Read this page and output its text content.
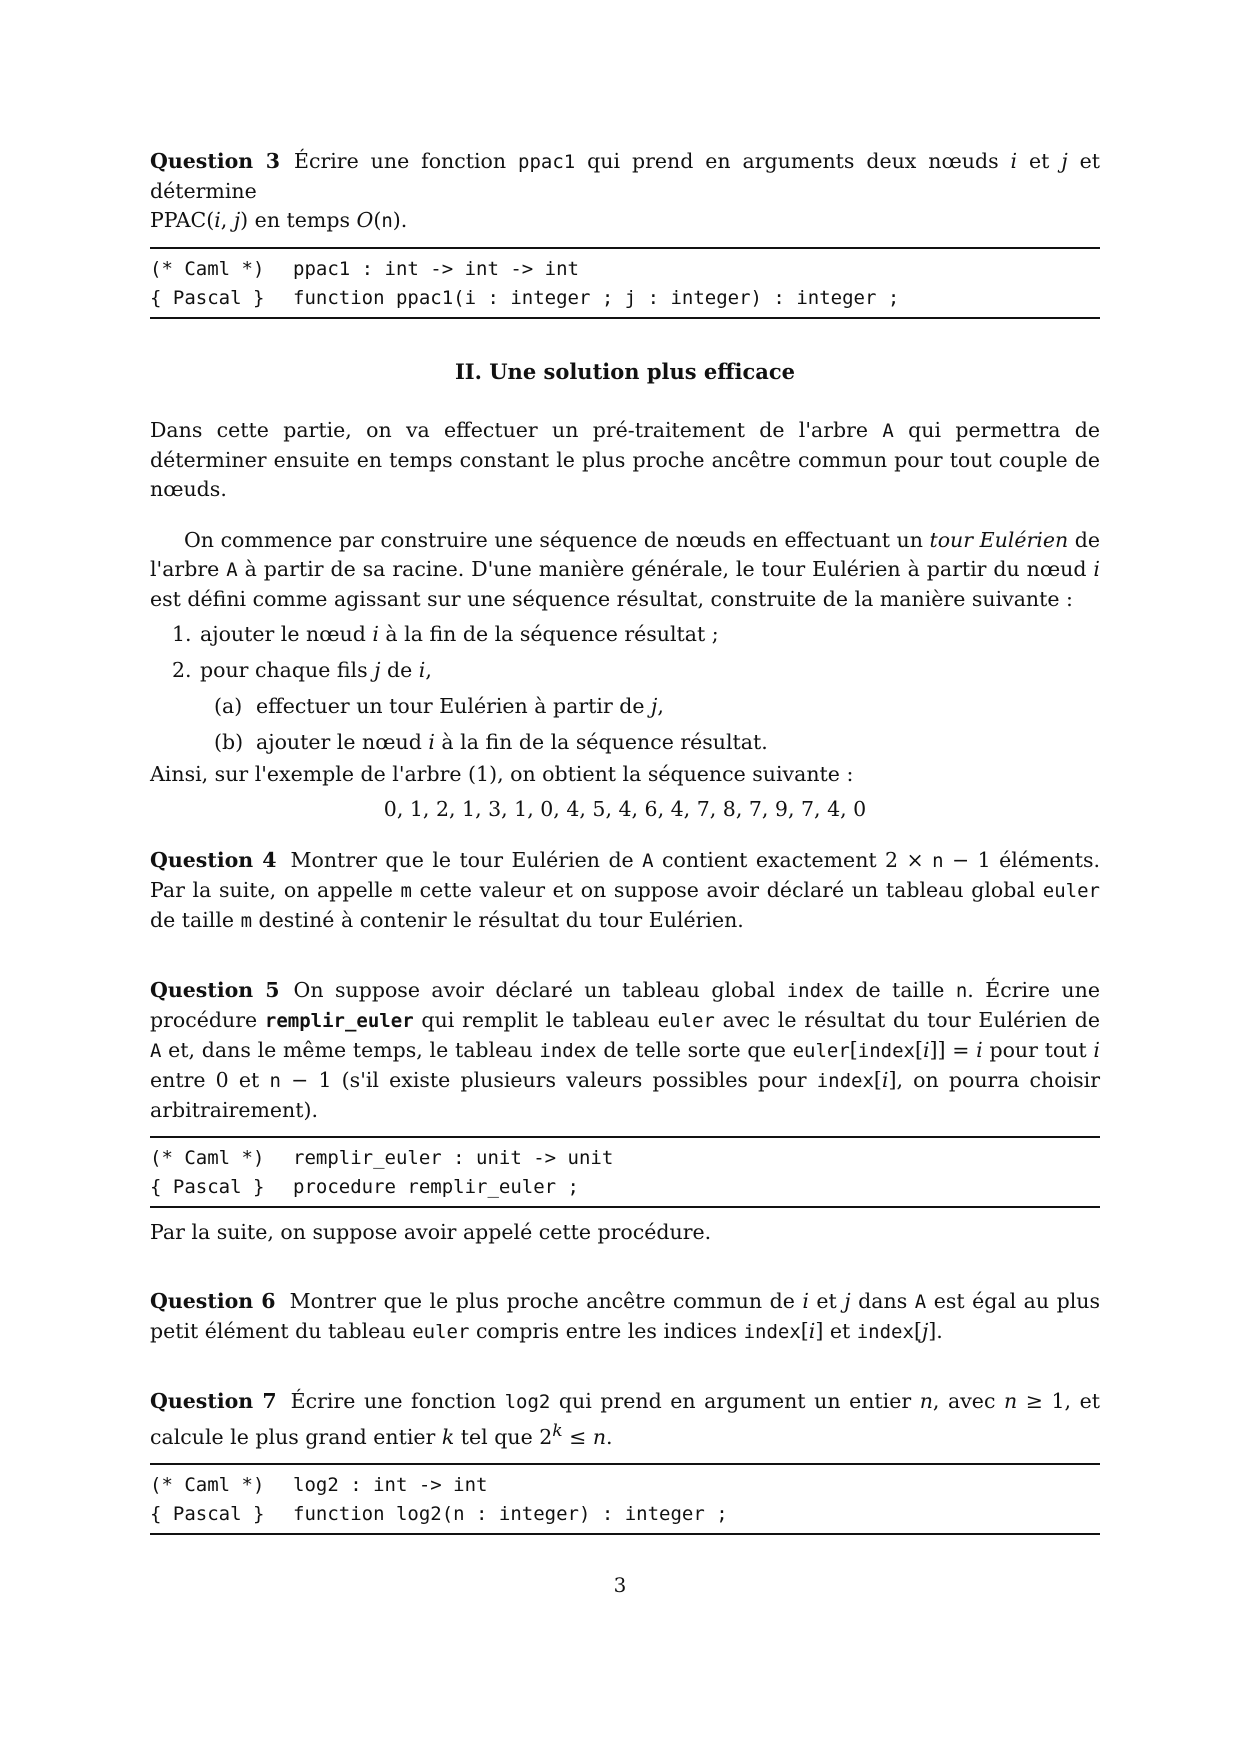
Question 3 Écrire une fonction ppac1 qui prend en arguments deux nœuds i et j et détermine
PPAC(i, j) en temps O(n).

(* Caml *)	ppac1 : int -> int -> int
{ Pascal }	function ppac1(i : integer ; j : integer) : integer ;
II. Une solution plus efficace

Dans cette partie, on va effectuer un pré-traitement de l'arbre A qui permettra de déterminer ensuite en temps constant le plus proche ancêtre commun pour tout couple de nœuds.

On commence par construire une séquence de nœuds en effectuant un tour Eulérien de l'arbre A à partir de sa racine. D'une manière générale, le tour Eulérien à partir du nœud i est défini comme agissant sur une séquence résultat, construite de la manière suivante :

1. ajouter le nœud i à la fin de la séquence résultat ;
2. pour chaque fils j de i,
(a) effectuer un tour Eulérien à partir de j,
(b) ajouter le nœud i à la fin de la séquence résultat.

Ainsi, sur l'exemple de l'arbre (1), on obtient la séquence suivante :

0, 1, 2, 1, 3, 1, 0, 4, 5, 4, 6, 4, 7, 8, 7, 9, 7, 4, 0

Question 4 Montrer que le tour Eulérien de A contient exactement 2 × n − 1 éléments. Par la suite, on appelle m cette valeur et on suppose avoir déclaré un tableau global euler de taille m destiné à contenir le résultat du tour Eulérien.

Question 5 On suppose avoir déclaré un tableau global index de taille n. Écrire une procédure remplir_euler qui remplit le tableau euler avec le résultat du tour Eulérien de A et, dans le même temps, le tableau index de telle sorte que euler[index[i]] = i pour tout i entre 0 et n − 1 (s'il existe plusieurs valeurs possibles pour index[i], on pourra choisir arbitrairement).

(* Caml *)	remplir_euler : unit -> unit
{ Pascal }	procedure remplir_euler ;

Par la suite, on suppose avoir appelé cette procédure.

Question 6 Montrer que le plus proche ancêtre commun de i et j dans A est égal au plus petit élément du tableau euler compris entre les indices index[i] et index[j].

Question 7 Écrire une fonction log2 qui prend en argument un entier n, avec n ≥ 1, et calcule le plus grand entier k tel que $2^k \le n$.

(* Caml *)	log2 : int -> int
{ Pascal }	function log2(n : integer) : integer ;
3
